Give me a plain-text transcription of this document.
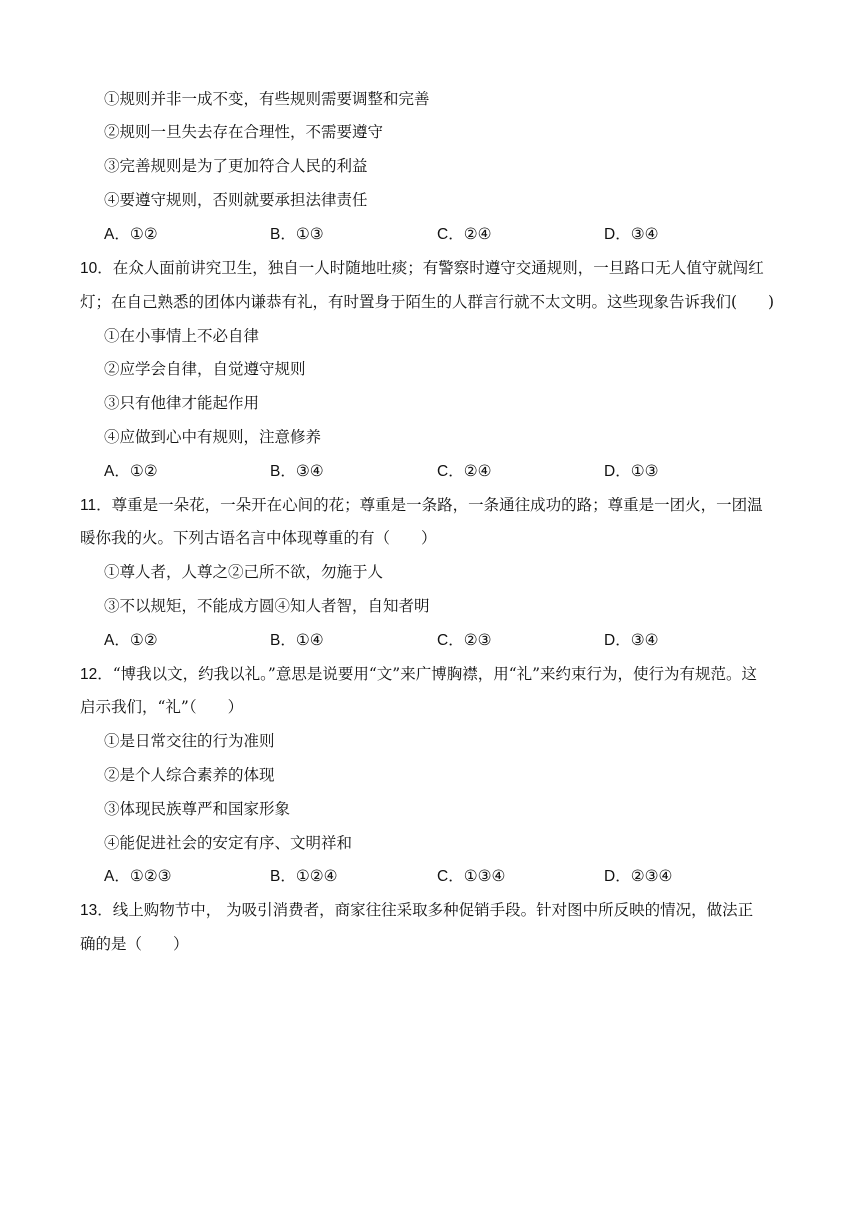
①规则并非一成不变，有些规则需要调整和完善
②规则一旦失去存在合理性，不需要遵守
③完善规则是为了更加符合人民的利益
④要遵守规则，否则就要承担法律责任
A．①②	B．①③	C．②④	D．③④
10．在众人面前讲究卫生，独自一人时随地吐痰；有警察时遵守交通规则，一旦路口无人值守就闯红
灯；在自己熟悉的团体内谦恭有礼，有时置身于陌生的人群言行就不太文明。这些现象告诉我们(　　)
①在小事情上不必自律
②应学会自律，自觉遵守规则
③只有他律才能起作用
④应做到心中有规则，注意修养
A．①②	B．③④	C．②④	D．①③
11．尊重是一朵花，一朵开在心间的花；尊重是一条路，一条通往成功的路；尊重是一团火，一团温
暖你我的火。下列古语名言中体现尊重的有（　　）
①尊人者，人尊之②己所不欲，勿施于人
③不以规矩，不能成方圆④知人者智，自知者明
A．①②	B．①④	C．②③	D．③④
12．“博我以文，约我以礼。”意思是说要用“文”来广博胸襟，用“礼”来约束行为，使行为有规范。这
启示我们，“礼”（　　）
①是日常交往的行为准则
②是个人综合素养的体现
③体现民族尊严和国家形象
④能促进社会的安定有序、文明祥和
A．①②③	B．①②④	C．①③④	D．②③④
13．线上购物节中， 为吸引消费者，商家往往采取多种促销手段。针对图中所反映的情况，做法正
确的是（　　）
